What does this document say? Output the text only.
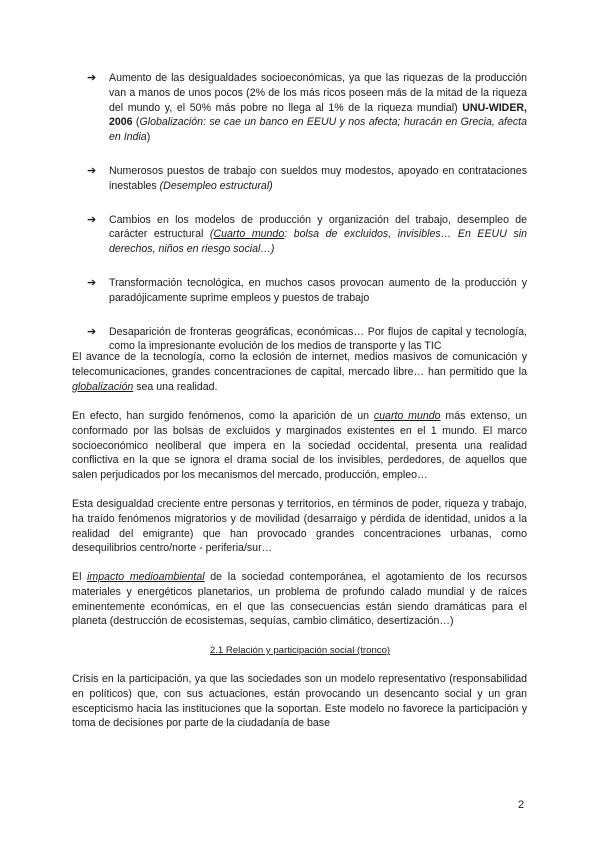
➔ Aumento de las desigualdades socioeconómicas, ya que las riquezas de la producción van a manos de unos pocos (2% de los más ricos poseen más de la mitad de la riqueza del mundo y, el 50% más pobre no llega al 1% de la riqueza mundial) UNU-WIDER, 2006 (Globalización: se cae un banco en EEUU y nos afecta; huracán en Grecia, afecta en India)
➔ Numerosos puestos de trabajo con sueldos muy modestos, apoyado en contrataciones inestables (Desempleo estructural)
➔ Cambios en los modelos de producción y organización del trabajo, desempleo de carácter estructural (Cuarto mundo: bolsa de excluidos, invisibles… En EEUU sin derechos, niños en riesgo social…)
➔ Transformación tecnológica, en muchos casos provocan aumento de la producción y paradójicamente suprime empleos y puestos de trabajo
➔ Desaparición de fronteras geográficas, económicas… Por flujos de capital y tecnología, como la impresionante evolución de los medios de transporte y las TIC

El avance de la tecnología, como la eclosión de internet, medios masivos de comunicación y telecomunicaciones, grandes concentraciones de capital, mercado libre… han permitido que la globalización sea una realidad.

En efecto, han surgido fenómenos, como la aparición de un cuarto mundo más extenso, un conformado por las bolsas de excluidos y marginados existentes en el 1 mundo. El marco socioeconómico neoliberal que impera en la sociedad occidental, presenta una realidad conflictiva en la que se ignora el drama social de los invisibles, perdedores, de aquellos que salen perjudicados por los mecanismos del mercado, producción, empleo…

Esta desigualdad creciente entre personas y territorios, en términos de poder, riqueza y trabajo, ha traído fenómenos migratorios y de movilidad (desarraigo y pérdida de identidad, unidos a la realidad del emigrante) que han provocado grandes concentraciones urbanas, como desequilibrios centro/norte - periferia/sur…

El impacto medioambiental de la sociedad contemporánea, el agotamiento de los recursos materiales y energéticos planetarios, un problema de profundo calado mundial y de raíces eminentemente económicas, en el que las consecuencias están siendo dramáticas para el planeta (destrucción de ecosistemas, sequías, cambio climático, desertización…)

2.1 Relación y participación social (tronco)

Crisis en la participación, ya que las sociedades son un modelo representativo (responsabilidad en políticos) que, con sus actuaciones, están provocando un desencanto social y un gran escepticismo hacia las instituciones que la soportan. Este modelo no favorece la participación y toma de decisiones por parte de la ciudadanía de base

2
